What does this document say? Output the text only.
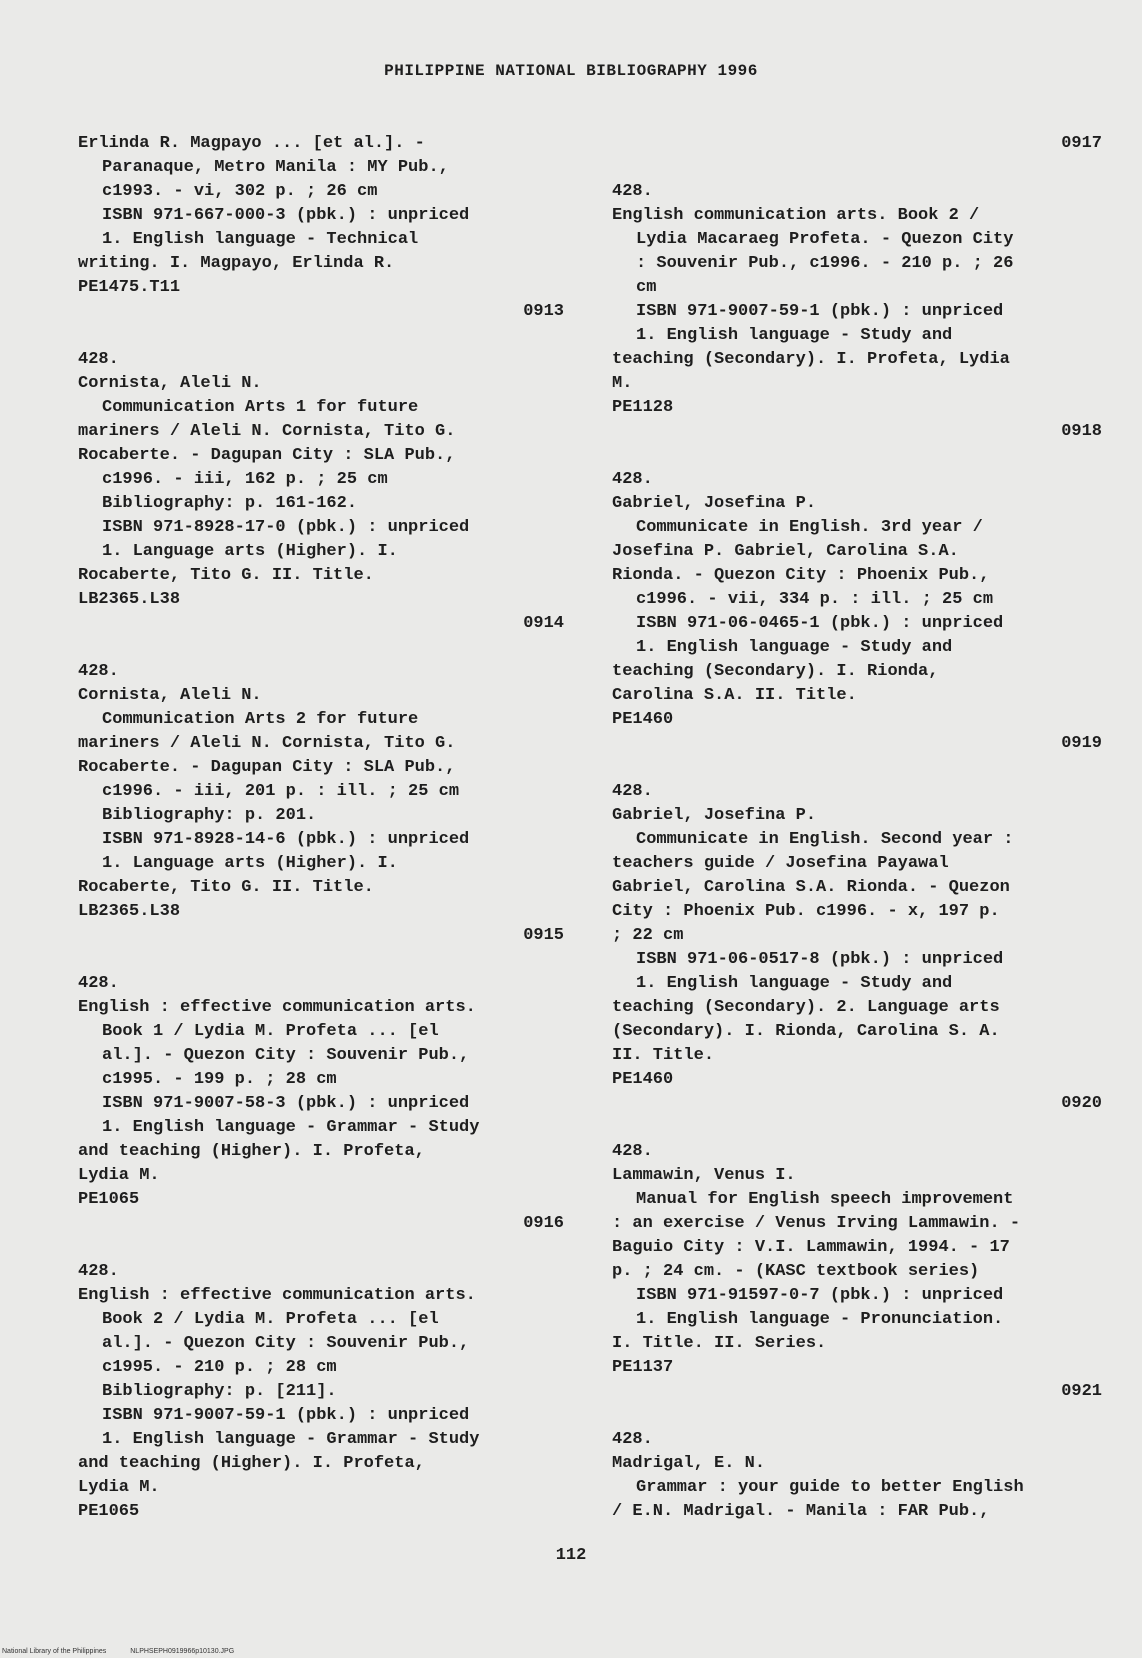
PHILIPPINE NATIONAL BIBLIOGRAPHY 1996
Erlinda R. Magpayo ... [et al.]. -
Paranaque, Metro Manila : MY Pub.,
c1993. - vi, 302 p. ; 26 cm
ISBN 971-667-000-3 (pbk.) : unpriced
1. English language - Technical
writing. I. Magpayo, Erlinda R.
PE1475.T11
0913
428.
Cornista, Aleli N.
Communication Arts 1 for future
mariners / Aleli N. Cornista, Tito G.
Rocaberte. - Dagupan City : SLA Pub.,
c1996. - iii, 162 p. ; 25 cm
Bibliography: p. 161-162.
ISBN 971-8928-17-0 (pbk.) : unpriced
1. Language arts (Higher). I.
Rocaberte, Tito G. II. Title.
LB2365.L38
0914
428.
Cornista, Aleli N.
Communication Arts 2 for future
mariners / Aleli N. Cornista, Tito G.
Rocaberte. - Dagupan City : SLA Pub.,
c1996. - iii, 201 p. : ill. ; 25 cm
Bibliography: p. 201.
ISBN 971-8928-14-6 (pbk.) : unpriced
1. Language arts (Higher). I.
Rocaberte, Tito G. II. Title.
LB2365.L38
0915
428.
English : effective communication arts.
Book 1 / Lydia M. Profeta ... [el
al.]. - Quezon City : Souvenir Pub.,
c1995. - 199 p. ; 28 cm
ISBN 971-9007-58-3 (pbk.) : unpriced
1. English language - Grammar - Study
and teaching (Higher). I. Profeta,
Lydia M.
PE1065
0916
428.
English : effective communication arts.
Book 2 / Lydia M. Profeta ... [el
al.]. - Quezon City : Souvenir Pub.,
c1995. - 210 p. ; 28 cm
Bibliography: p. [211].
ISBN 971-9007-59-1 (pbk.) : unpriced
1. English language - Grammar - Study
and teaching (Higher). I. Profeta,
Lydia M.
PE1065
0917
428.
English communication arts. Book 2 /
Lydia Macaraeg Profeta. - Quezon City
: Souvenir Pub., c1996. - 210 p. ; 26
cm
ISBN 971-9007-59-1 (pbk.) : unpriced
1. English language - Study and
teaching (Secondary). I. Profeta, Lydia
M.
PE1128
0918
428.
Gabriel, Josefina P.
Communicate in English. 3rd year /
Josefina P. Gabriel, Carolina S.A.
Rionda. - Quezon City : Phoenix Pub.,
c1996. - vii, 334 p. : ill. ; 25 cm
ISBN 971-06-0465-1 (pbk.) : unpriced
1. English language - Study and
teaching (Secondary). I. Rionda,
Carolina S.A. II. Title.
PE1460
0919
428.
Gabriel, Josefina P.
Communicate in English. Second year :
teachers guide / Josefina Payawal
Gabriel, Carolina S.A. Rionda. - Quezon
City : Phoenix Pub. c1996. - x, 197 p.
; 22 cm
ISBN 971-06-0517-8 (pbk.) : unpriced
1. English language - Study and
teaching (Secondary). 2. Language arts
(Secondary). I. Rionda, Carolina S. A.
II. Title.
PE1460
0920
428.
Lammawin, Venus I.
Manual for English speech improvement
: an exercise / Venus Irving Lammawin. -
Baguio City : V.I. Lammawin, 1994. - 17
p. ; 24 cm. - (KASC textbook series)
ISBN 971-91597-0-7 (pbk.) : unpriced
1. English language - Pronunciation.
I. Title. II. Series.
PE1137
0921
428.
Madrigal, E. N.
Grammar : your guide to better English
/ E.N. Madrigal. - Manila : FAR Pub.,
112
National Library of the Philippines	NLPHSEPH0919966p10130.JPG
